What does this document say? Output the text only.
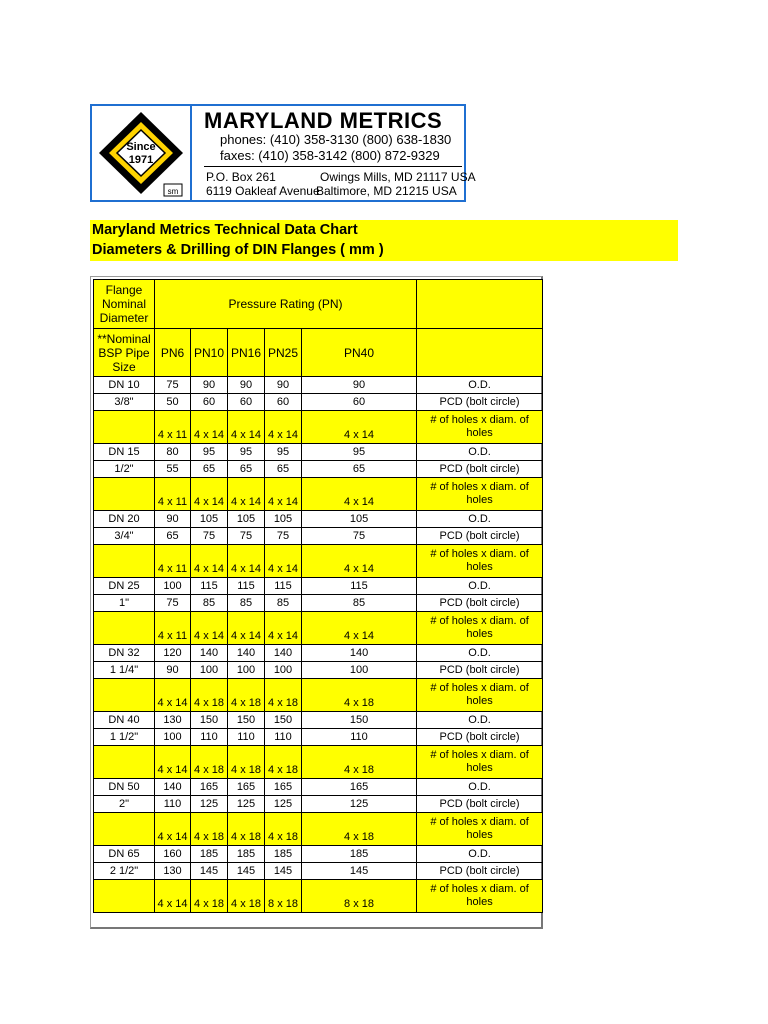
Since
1971
sm
MARYLAND METRICS
phones: (410) 358-3130 (800) 638-1830
faxes: (410) 358-3142 (800) 872-9329
P.O. Box 261	Owings Mills, MD 21117 USA
6119 Oakleaf Avenue
Baltimore, MD 21215 USA
Maryland Metrics Technical Data Chart
Diameters & Drilling of DIN Flanges ( mm )
Flange Nominal Diameter	Pressure Rating (PN)					
**Nominal BSP Pipe Size	PN6	PN10	PN16	PN25	PN40	
DN 10	75	90	90	90	90	O.D.
3/8"	50	60	60	60	60	PCD (bolt circle)
	4 x 11	4 x 14	4 x 14	4 x 14	4 x 14	# of holes x diam. of holes
DN 15	80	95	95	95	95	O.D.
1/2"	55	65	65	65	65	PCD (bolt circle)
	4 x 11	4 x 14	4 x 14	4 x 14	4 x 14	# of holes x diam. of holes
DN 20	90	105	105	105	105	O.D.
3/4"	65	75	75	75	75	PCD (bolt circle)
	4 x 11	4 x 14	4 x 14	4 x 14	4 x 14	# of holes x diam. of holes
DN 25	100	115	115	115	115	O.D.
1"	75	85	85	85	85	PCD (bolt circle)
	4 x 11	4 x 14	4 x 14	4 x 14	4 x 14	# of holes x diam. of holes
DN 32	120	140	140	140	140	O.D.
1 1/4"	90	100	100	100	100	PCD (bolt circle)
	4 x 14	4 x 18	4 x 18	4 x 18	4 x 18	# of holes x diam. of holes
DN 40	130	150	150	150	150	O.D.
1 1/2"	100	110	110	110	110	PCD (bolt circle)
	4 x 14	4 x 18	4 x 18	4 x 18	4 x 18	# of holes x diam. of holes
DN 50	140	165	165	165	165	O.D.
2"	110	125	125	125	125	PCD (bolt circle)
	4 x 14	4 x 18	4 x 18	4 x 18	4 x 18	# of holes x diam. of holes
DN 65	160	185	185	185	185	O.D.
2 1/2"	130	145	145	145	145	PCD (bolt circle)
	4 x 14	4 x 18	4 x 18	8 x 18	8 x 18	# of holes x diam. of holes
